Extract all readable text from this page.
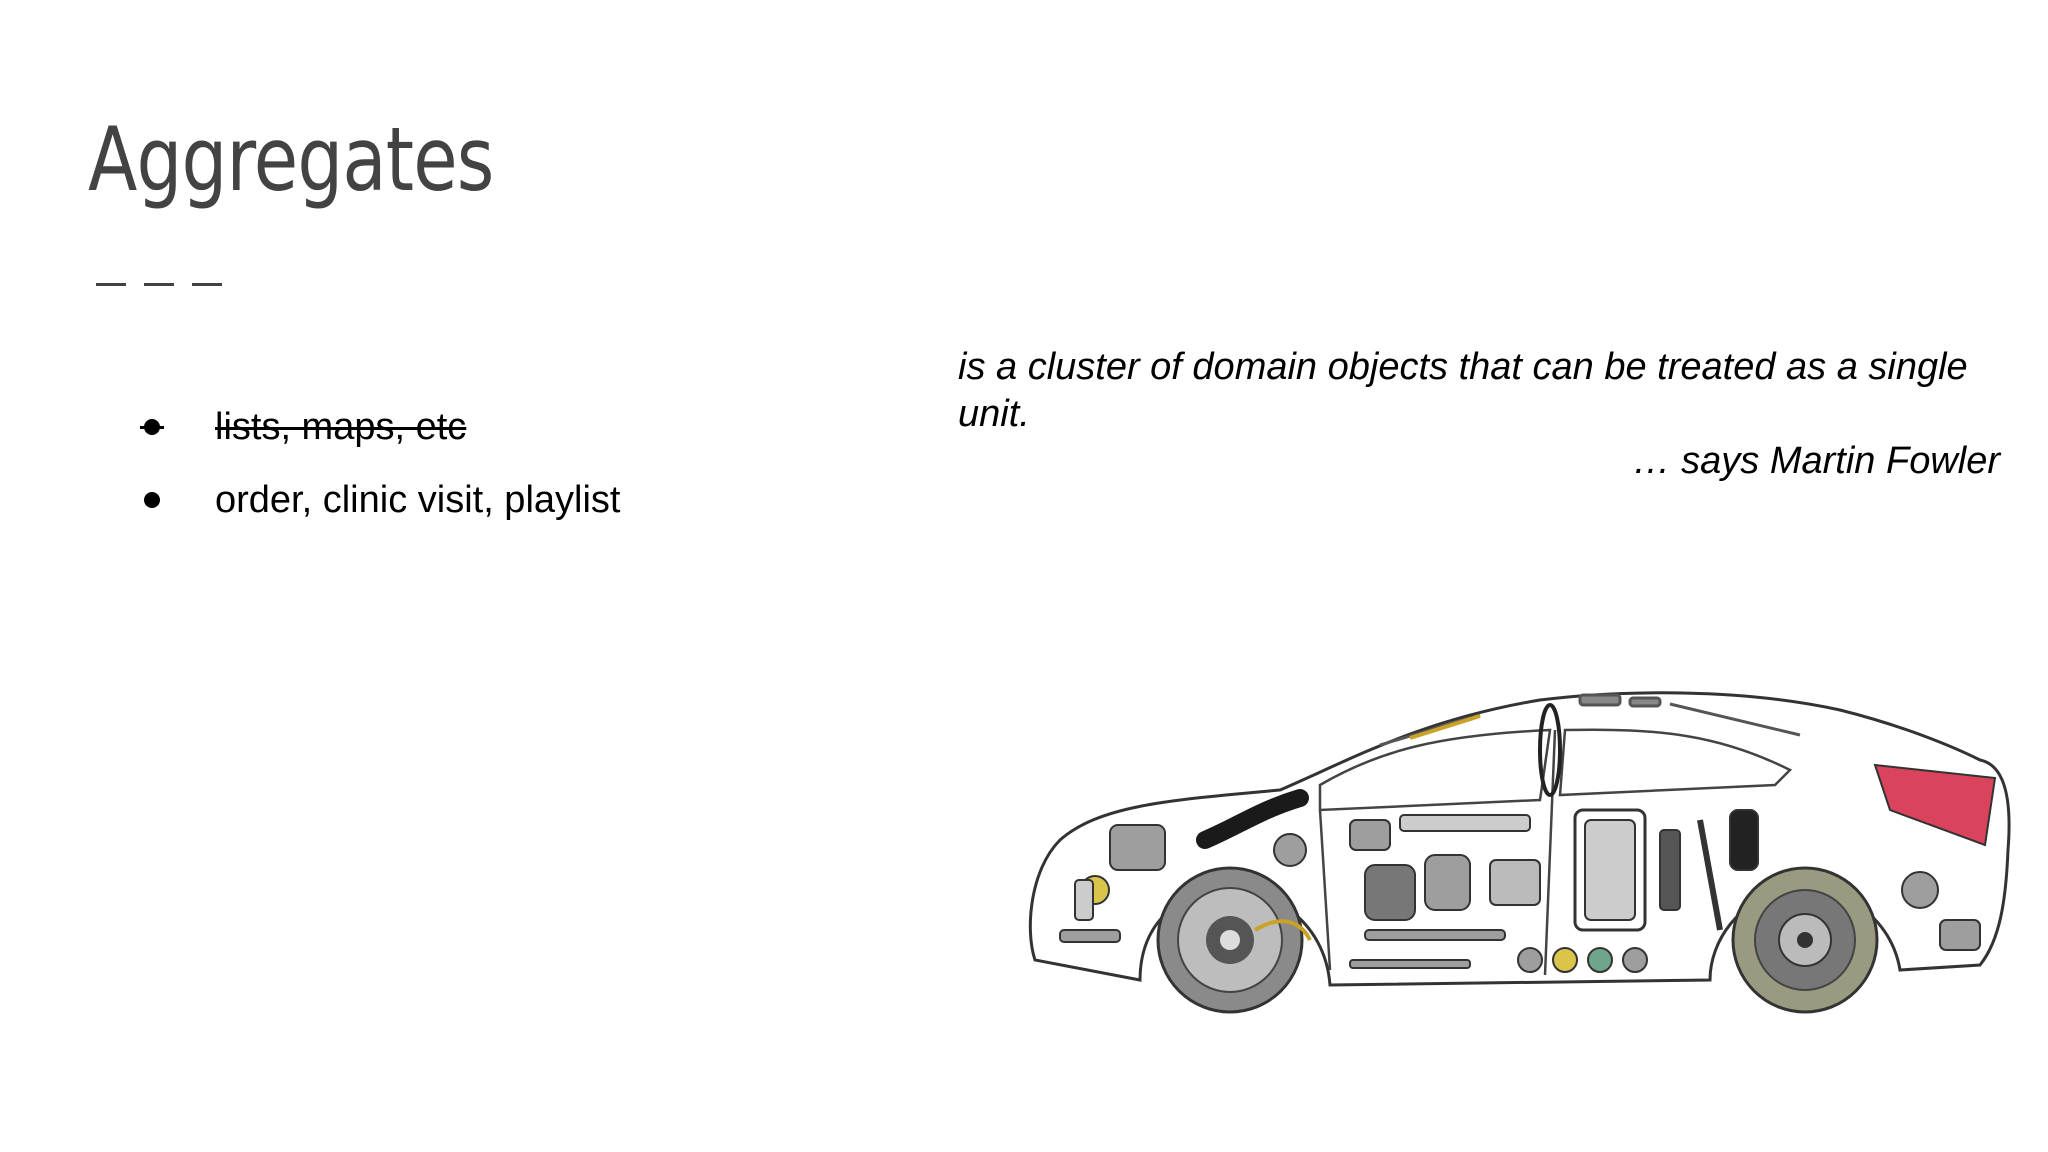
Aggregates
lists, maps, etc
order, clinic visit, playlist
is a cluster of domain objects that can be treated as a single unit.
… says Martin Fowler
